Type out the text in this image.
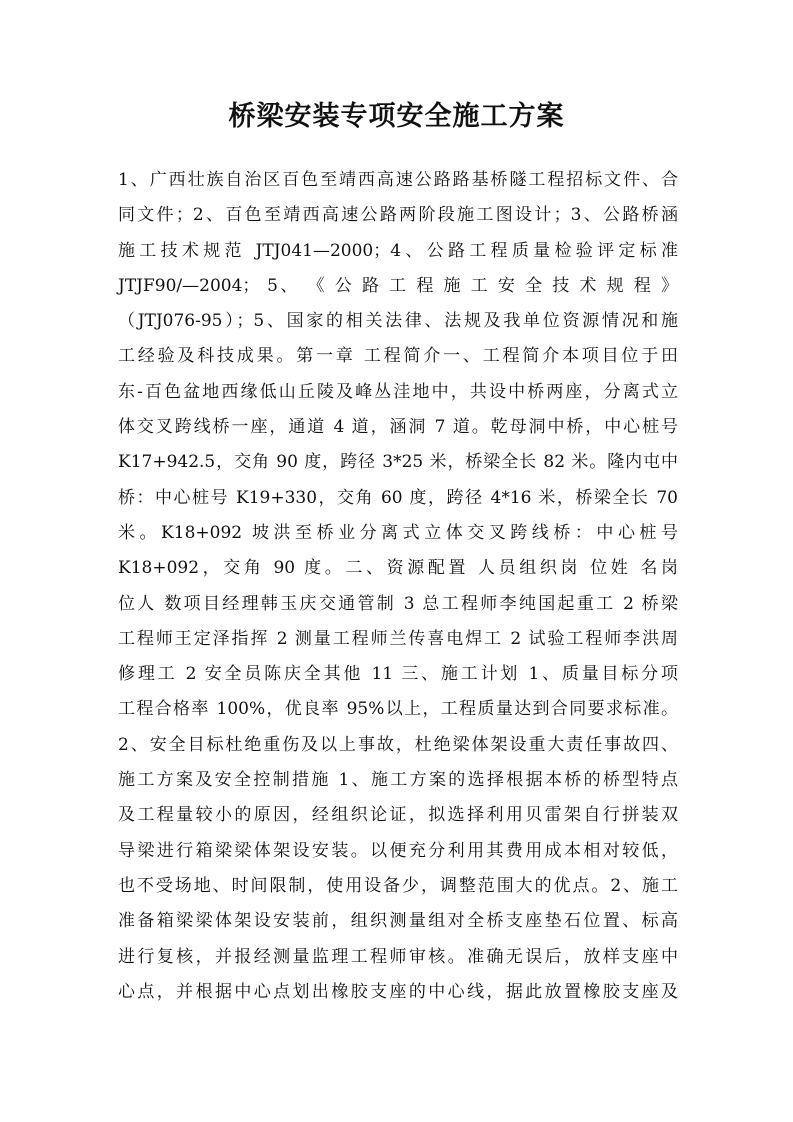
桥梁安装专项安全施工方案
1、广西壮族自治区百色至靖西高速公路路基桥隧工程招标文件、合
同文件；2、百色至靖西高速公路两阶段施工图设计；3、公路桥涵
施工技术规范 JTJ041—2000；4、公路工程质量检验评定标准
JTJF90/—2004； 5、 《 公 路 工 程 施 工 安 全 技 术 规 程 》
（JTJ076-95）；5、国家的相关法律、法规及我单位资源情况和施
工经验及科技成果。第一章 工程简介一、工程简介本项目位于田
东-百色盆地西缘低山丘陵及峰丛洼地中，共设中桥两座，分离式立
体交叉跨线桥一座，通道 4 道，涵洞 7 道。乾母洞中桥，中心桩号
K17+942.5，交角 90 度，跨径 3*25 米，桥梁全长 82 米。隆内屯中
桥：中心桩号 K19+330，交角 60 度，跨径 4*16 米，桥梁全长 70
米。K18+092 坡洪至桥业分离式立体交叉跨线桥：中心桩号
K18+092，交角 90 度。二、资源配置 人员组织岗 位姓 名岗
位人 数项目经理韩玉庆交通管制 3 总工程师李纯国起重工 2 桥梁
工程师王定泽指挥 2 测量工程师兰传喜电焊工 2 试验工程师李洪周
修理工 2 安全员陈庆全其他 11 三、施工计划 1、质量目标分项
工程合格率 100%，优良率 95%以上，工程质量达到合同要求标准。
2、安全目标杜绝重伤及以上事故，杜绝梁体架设重大责任事故四、
施工方案及安全控制措施 1、施工方案的选择根据本桥的桥型特点
及工程量较小的原因，经组织论证，拟选择利用贝雷架自行拼装双
导梁进行箱梁梁体架设安装。以便充分利用其费用成本相对较低，
也不受场地、时间限制，使用设备少，调整范围大的优点。2、施工
准备箱梁梁体架设安装前，组织测量组对全桥支座垫石位置、标高
进行复核，并报经测量监理工程师审核。准确无误后，放样支座中
心点，并根据中心点划出橡胶支座的中心线，据此放置橡胶支座及
